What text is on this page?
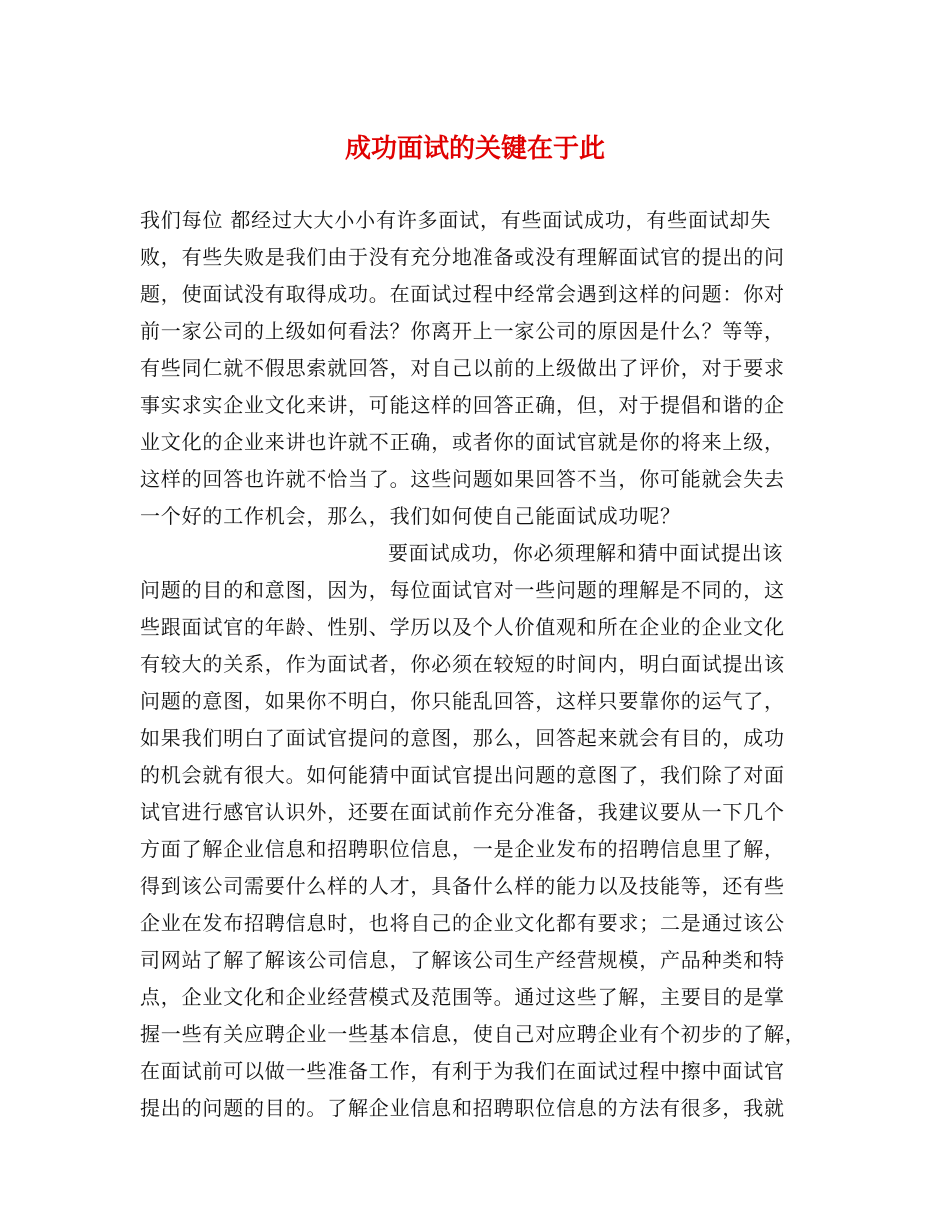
成功面试的关键在于此
我们每位 都经过大大小小有许多面试，有些面试成功，有些面试却失
败，有些失败是我们由于没有充分地准备或没有理解面试官的提出的问
题，使面试没有取得成功。在面试过程中经常会遇到这样的问题：你对
前一家公司的上级如何看法？你离开上一家公司的原因是什么？等等，
有些同仁就不假思索就回答，对自己以前的上级做出了评价，对于要求
事实求实企业文化来讲，可能这样的回答正确，但，对于提倡和谐的企
业文化的企业来讲也许就不正确，或者你的面试官就是你的将来上级，
这样的回答也许就不恰当了。这些问题如果回答不当，你可能就会失去
一个好的工作机会，那么，我们如何使自己能面试成功呢？
要面试成功，你必须理解和猜中面试提出该
问题的目的和意图，因为，每位面试官对一些问题的理解是不同的，这
些跟面试官的年龄、性别、学历以及个人价值观和所在企业的企业文化
有较大的关系，作为面试者，你必须在较短的时间内，明白面试提出该
问题的意图，如果你不明白，你只能乱回答，这样只要靠你的运气了，
如果我们明白了面试官提问的意图，那么，回答起来就会有目的，成功
的机会就有很大。如何能猜中面试官提出问题的意图了，我们除了对面
试官进行感官认识外，还要在面试前作充分准备，我建议要从一下几个
方面了解企业信息和招聘职位信息，一是企业发布的招聘信息里了解，
得到该公司需要什么样的人才，具备什么样的能力以及技能等，还有些
企业在发布招聘信息时，也将自己的企业文化都有要求；二是通过该公
司网站了解了解该公司信息，了解该公司生产经营规模，产品种类和特
点，企业文化和企业经营模式及范围等。通过这些了解，主要目的是掌
握一些有关应聘企业一些基本信息，使自己对应聘企业有个初步的了解，
在面试前可以做一些准备工作，有利于为我们在面试过程中擦中面试官
提出的问题的目的。了解企业信息和招聘职位信息的方法有很多，我就
